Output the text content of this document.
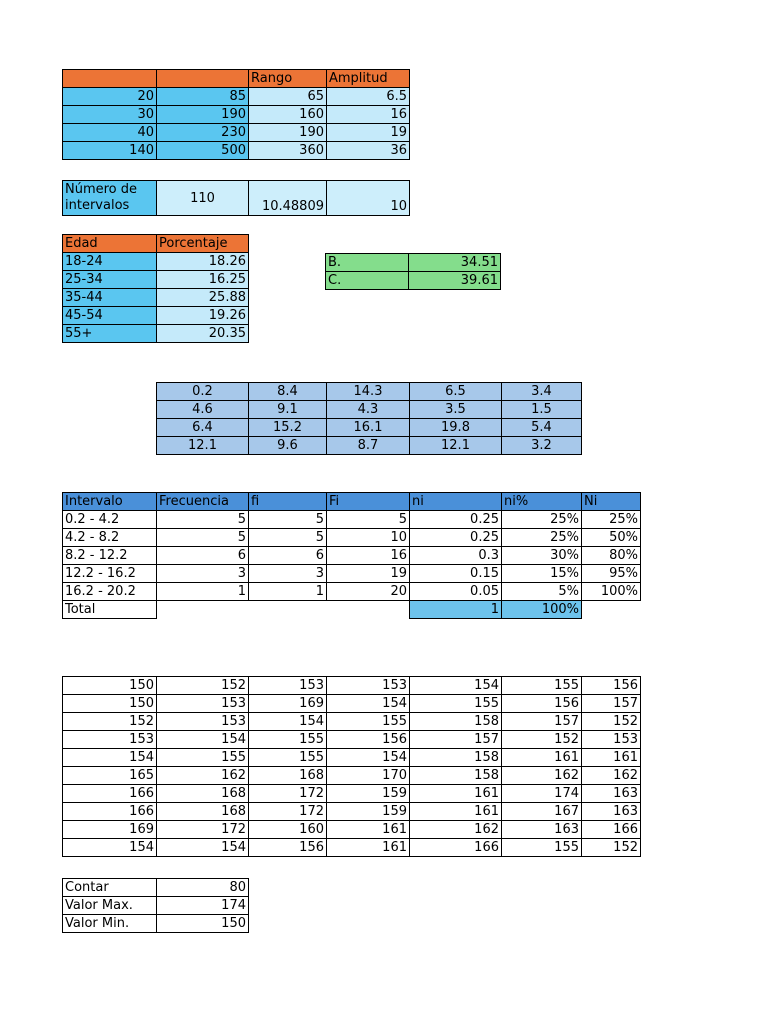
		Rango	Amplitud
20	85	65	6.5
30	190	160	16
40	230	190	19
140	500	360	36
Número de
intervalos	110	10.48809	10
Edad	Porcentaje
18-24	18.26
25-34	16.25
35-44	25.88
45-54	19.26
55+	20.35
B.	34.51
C.	39.61
0.2	8.4	14.3	6.5	3.4
4.6	9.1	4.3	3.5	1.5
6.4	15.2	16.1	19.8	5.4
12.1	9.6	8.7	12.1	3.2
Intervalo	Frecuencia	fi	Fi	ni	ni%	Ni
0.2 - 4.2	5	5	5	0.25	25%	25%
4.2 - 8.2	5	5	10	0.25	25%	50%
8.2 - 12.2	6	6	16	0.3	30%	80%
12.2 - 16.2	3	3	19	0.15	15%	95%
16.2 - 20.2	1	1	20	0.05	5%	100%
Total				1	100%	
150	152	153	153	154	155	156
150	153	169	154	155	156	157
152	153	154	155	158	157	152
153	154	155	156	157	152	153
154	155	155	154	158	161	161
165	162	168	170	158	162	162
166	168	172	159	161	174	163
166	168	172	159	161	167	163
169	172	160	161	162	163	166
154	154	156	161	166	155	152
Contar	80
Valor Max.	174
Valor Min.	150
